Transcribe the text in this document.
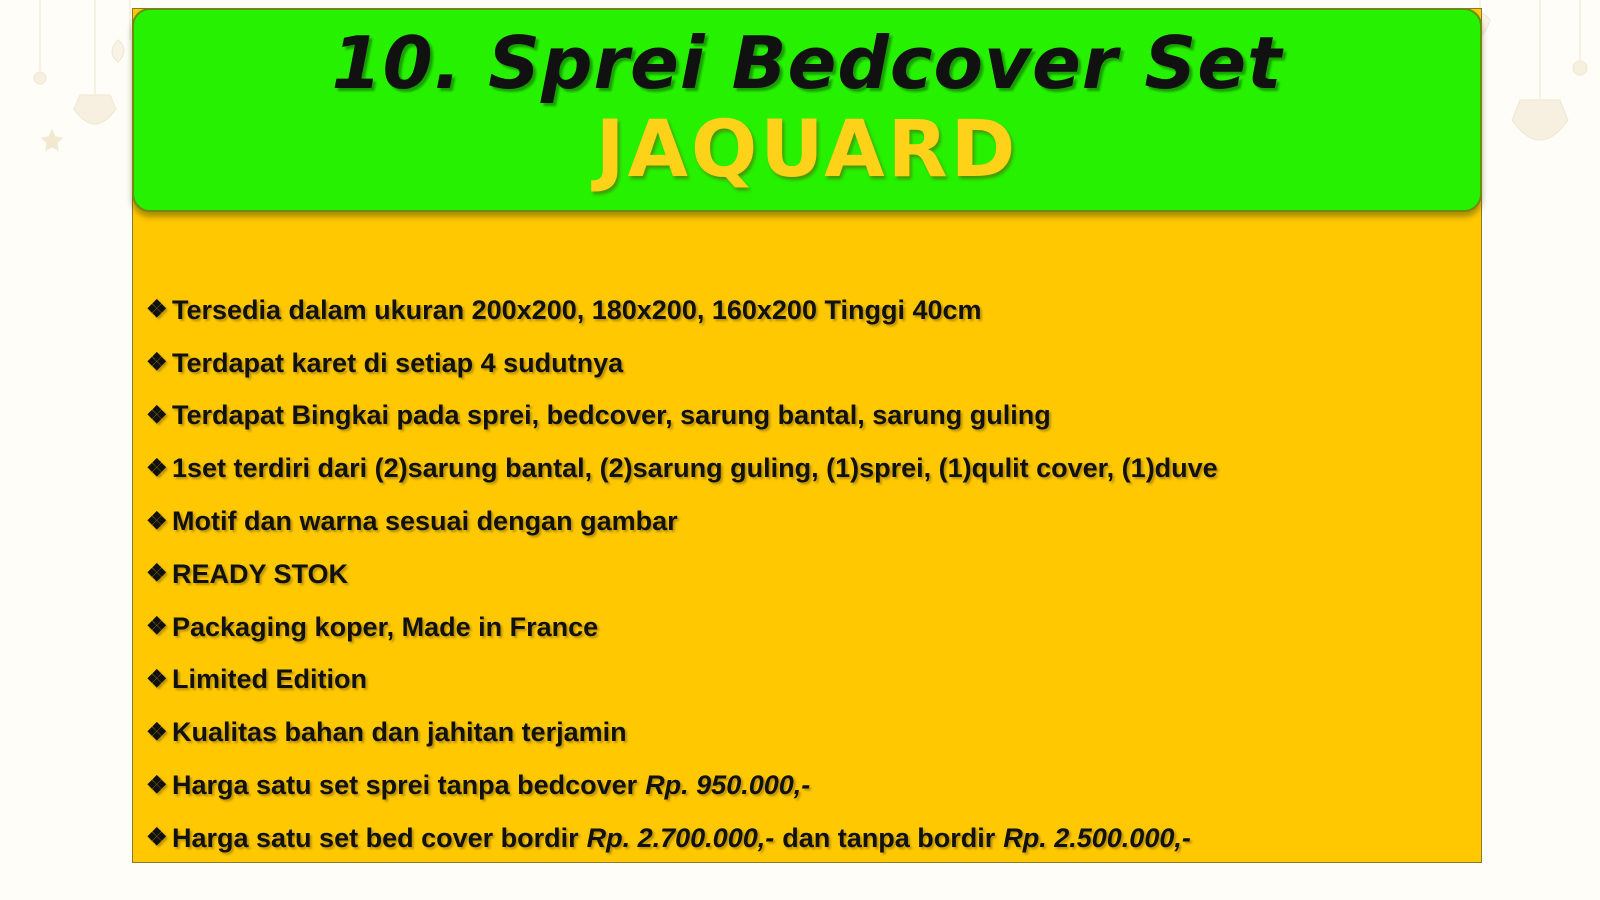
10. Sprei Bedcover Set
JAQUARD
❖ Tersedia dalam ukuran 200x200, 180x200, 160x200 Tinggi 40cm
❖ Terdapat karet di setiap 4 sudutnya
❖ Terdapat Bingkai pada sprei, bedcover, sarung bantal, sarung guling
❖ 1set terdiri dari (2)sarung bantal, (2)sarung guling, (1)sprei, (1)qulit cover, (1)duve
❖ Motif dan warna sesuai dengan gambar
❖ READY STOK
❖ Packaging koper, Made in France
❖ Limited Edition
❖ Kualitas bahan dan jahitan terjamin
❖ Harga satu set sprei tanpa bedcover Rp. 950.000,-
❖ Harga satu set bed cover bordir Rp. 2.700.000,- dan tanpa bordir Rp. 2.500.000,-
